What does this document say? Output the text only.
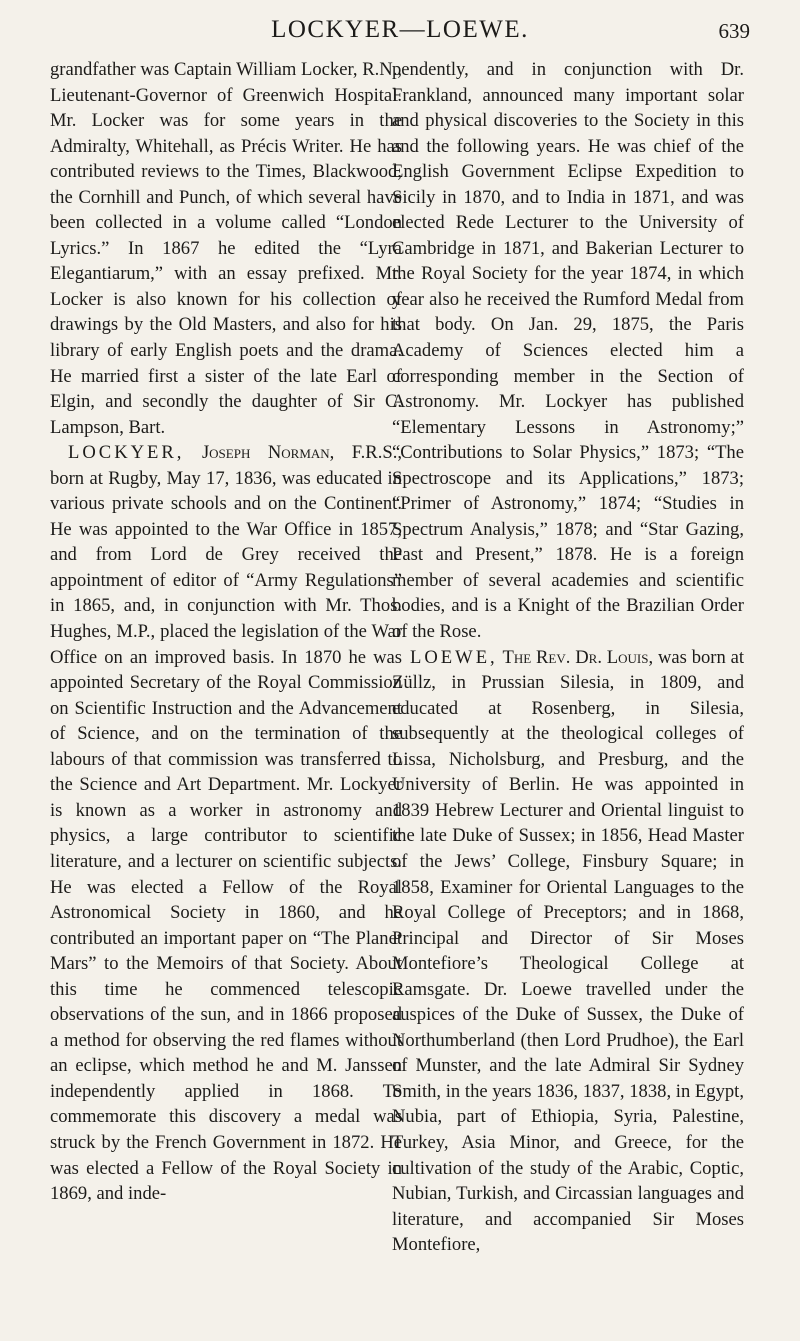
LOCKYER—LOEWE.	639

grandfather was Captain William Locker, R.N., Lieutenant-Governor of Greenwich Hospital. Mr. Locker was for some years in the Admiralty, Whitehall, as Précis Writer. He has contributed reviews to the Times, Blackwood, the Cornhill and Punch, of which several have been collected in a volume called “London Lyrics.” In 1867 he edited the “Lyra Elegantiarum,” with an essay prefixed. Mr. Locker is also known for his collection of drawings by the Old Masters, and also for his library of early English poets and the drama. He married first a sister of the late Earl of Elgin, and secondly the daughter of Sir C. Lampson, Bart.

LOCKYER, Joseph Norman, F.R.S., born at Rugby, May 17, 1836, was educated in various private schools and on the Continent. He was appointed to the War Office in 1857, and from Lord de Grey received the appointment of editor of “Army Regulations” in 1865, and, in conjunction with Mr. Thos. Hughes, M.P., placed the legislation of the War Office on an improved basis. In 1870 he was appointed Secretary of the Royal Commission on Scientific Instruction and the Advancement of Science, and on the termination of the labours of that commission was transferred to the Science and Art Department. Mr. Lockyer is known as a worker in astronomy and physics, a large contributor to scientific literature, and a lecturer on scientific subjects. He was elected a Fellow of the Royal Astronomical Society in 1860, and he contributed an important paper on “The Planet Mars” to the Memoirs of that Society. About this time he commenced telescopic observations of the sun, and in 1866 proposed a method for observing the red flames without an eclipse, which method he and M. Janssen independently applied in 1868. To commemorate this discovery a medal was struck by the French Government in 1872. He was elected a Fellow of the Royal Society in 1869, and inde-

pendently, and in conjunction with Dr. Frankland, announced many important solar and physical discoveries to the Society in this and the following years. He was chief of the English Government Eclipse Expedition to Sicily in 1870, and to India in 1871, and was elected Rede Lecturer to the University of Cambridge in 1871, and Bakerian Lecturer to the Royal Society for the year 1874, in which year also he received the Rumford Medal from that body. On Jan. 29, 1875, the Paris Academy of Sciences elected him a corresponding member in the Section of Astronomy. Mr. Lockyer has published “Elementary Lessons in Astronomy;” “Contributions to Solar Physics,” 1873; “The Spectroscope and its Applications,” 1873; “Primer of Astronomy,” 1874; “Studies in Spectrum Analysis,” 1878; and “Star Gazing, Past and Present,” 1878. He is a foreign member of several academies and scientific bodies, and is a Knight of the Brazilian Order of the Rose.

LOEWE, The Rev. Dr. Louis, was born at Züllz, in Prussian Silesia, in 1809, and educated at Rosenberg, in Silesia, subsequently at the theological colleges of Lissa, Nicholsburg, and Presburg, and the University of Berlin. He was appointed in 1839 Hebrew Lecturer and Oriental linguist to the late Duke of Sussex; in 1856, Head Master of the Jews’ College, Finsbury Square; in 1858, Examiner for Oriental Languages to the Royal College of Preceptors; and in 1868, Principal and Director of Sir Moses Montefiore’s Theological College at Ramsgate. Dr. Loewe travelled under the auspices of the Duke of Sussex, the Duke of Northumberland (then Lord Prudhoe), the Earl of Munster, and the late Admiral Sir Sydney Smith, in the years 1836, 1837, 1838, in Egypt, Nubia, part of Ethiopia, Syria, Palestine, Turkey, Asia Minor, and Greece, for the cultivation of the study of the Arabic, Coptic, Nubian, Turkish, and Circassian languages and literature, and accompanied Sir Moses Montefiore,
